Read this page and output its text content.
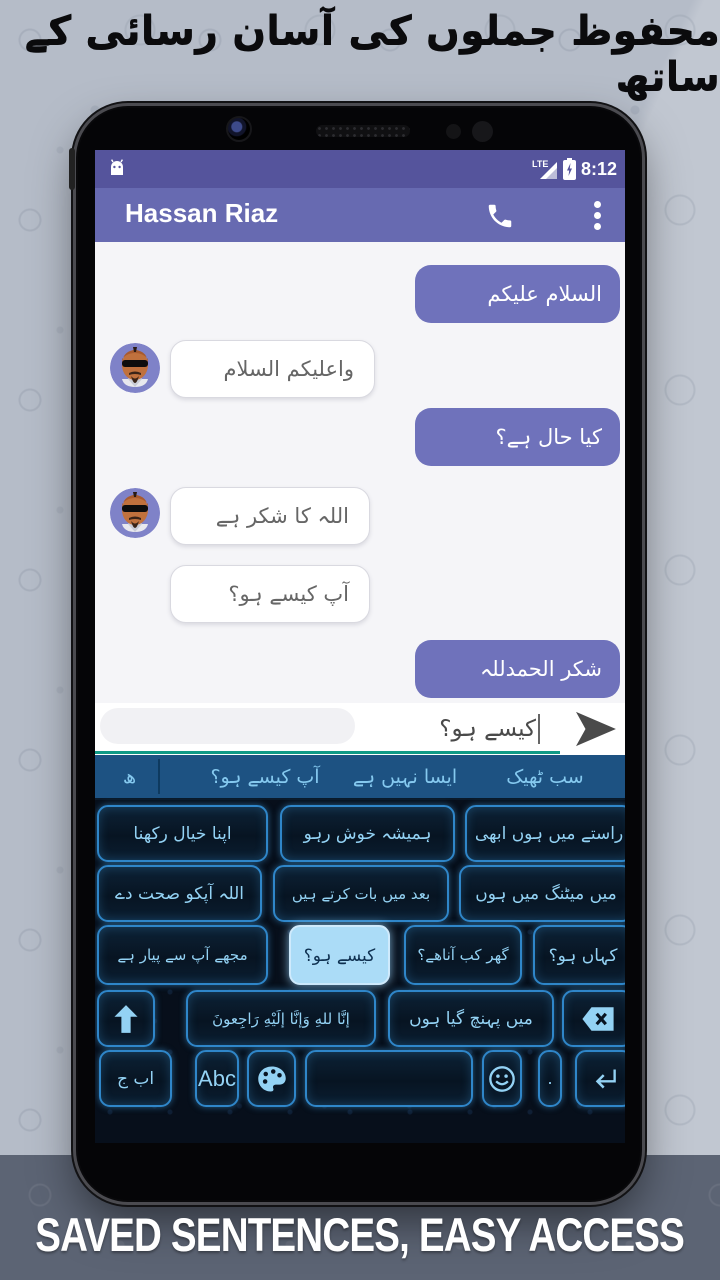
محفوظ جملوں کی آسان رسائی کے ساتھ
LTE 8:12
Hassan Riaz
السلام علیکم
واعلیکم السلام
کیا حال ہے؟
اللہ کا شکر ہے
آپ کیسے ہو؟
شکر الحمدللہ
کیسے ہو؟
سب ٹھیک
ایسا نہیں ہے
آپ کیسے ہو؟
ھ
اپنا خیال رکھنا	ہمیشہ خوش رہو	راستے میں ہوں ابھی
اللہ آپکو صحت دے	بعد میں بات کرتے ہیں	میں میٹنگ میں ہوں
مجھے آپ سے پیار ہے	کیسے ہو؟	گھر کب آناھے؟	کہاں ہو؟
إنَّا للهِ وَإنَّا إلَيْهِ رَاجِعونَ	میں پہنچ گیا ہوں
اب ج	Abc	.
SAVED SENTENCES, EASY ACCESS
